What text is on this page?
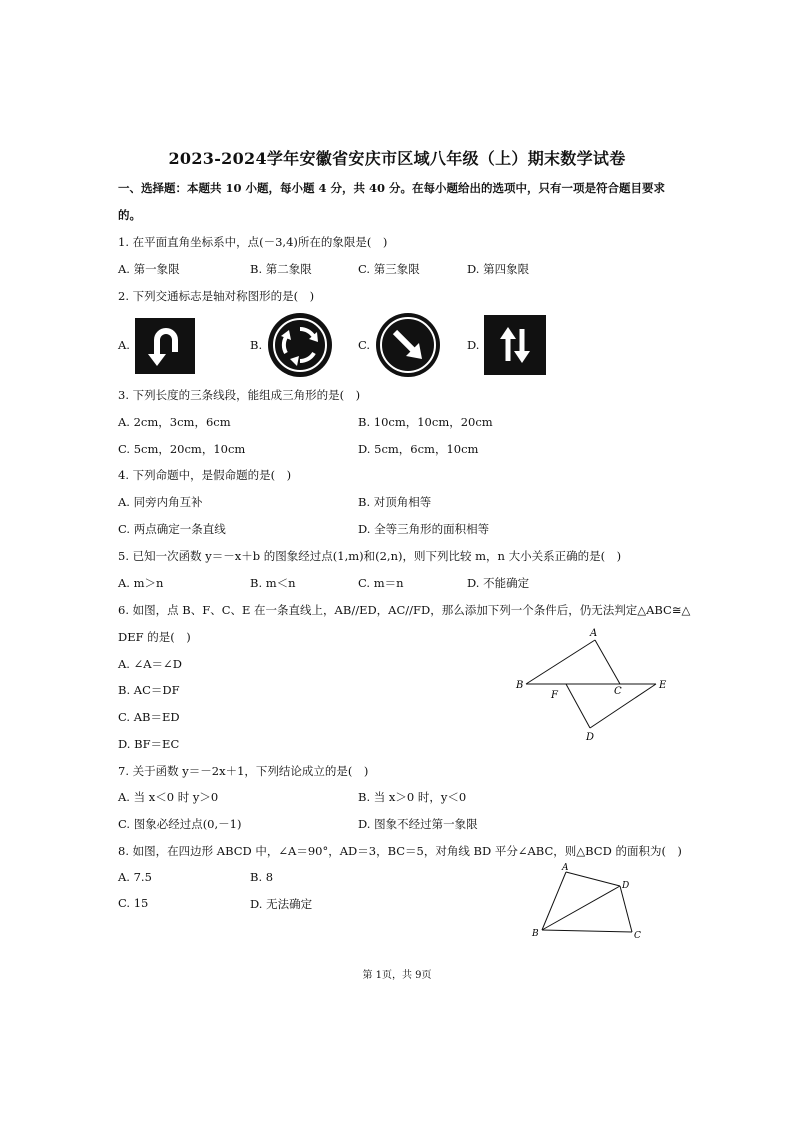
2023-2024学年安徽省安庆市区域八年级（上）期末数学试卷
一、选择题：本题共 10 小题，每小题 4 分，共 40 分。在每小题给出的选项中，只有一项是符合题目要求
的。
1. 在平面直角坐标系中，点(－3,4)所在的象限是(　)
A. 第一象限	B. 第二象限	C. 第三象限	D. 第四象限
2. 下列交通标志是轴对称图形的是(　)
A.	B.	C.	D.
3. 下列长度的三条线段，能组成三角形的是(　)
A. 2cm，3cm，6cm	B. 10cm，10cm，20cm
C. 5cm，20cm，10cm	D. 5cm，6cm，10cm
4. 下列命题中，是假命题的是(　)
A. 同旁内角互补	B. 对顶角相等
C. 两点确定一条直线	D. 全等三角形的面积相等
5. 已知一次函数 y＝－x＋b 的图象经过点(1,m)和(2,n)，则下列比较 m，n 大小关系正确的是(　)
A. m＞n	B. m＜n	C. m＝n	D. 不能确定
6. 如图，点 B、F、C、E 在一条直线上，AB//ED，AC//FD，那么添加下列一个条件后，仍无法判定△ABC≅△
DEF 的是(　)
A. ∠A＝∠D
B. AC＝DF
C. AB＝ED
D. BF＝EC
A
B
F	C
E
D
7. 关于函数 y＝－2x＋1，下列结论成立的是(　)
A. 当 x＜0 时 y＞0	B. 当 x＞0 时，y＜0
C. 图象必经过点(0,－1)	D. 图象不经过第一象限
8. 如图，在四边形 ABCD 中，∠A＝90°，AD＝3，BC＝5，对角线 BD 平分∠ABC，则△BCD 的面积为(　)
A. 7.5	B. 8
C. 15	D. 无法确定
A
D
B	C
第 1页，共 9页
